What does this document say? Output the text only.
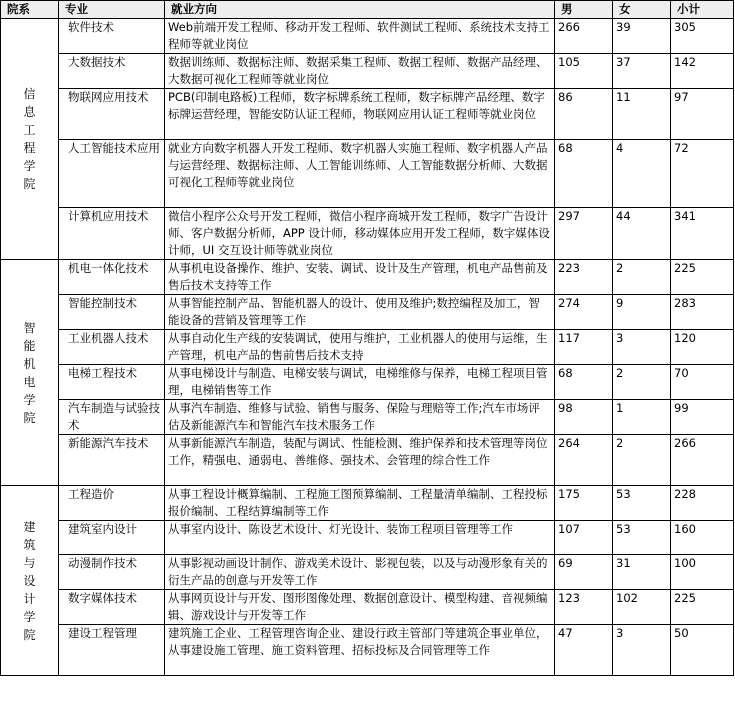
院系	专业	就业方向	男	女	小计

信息工程学院	软件技术	Web前端开发工程师、移动开发工程师、软件测试工程师、系统技术支持工程师等就业岗位	266	39	305
	大数据技术	数据训练师、数据标注师、数据采集工程师、数据工程师、数据产品经理、大数据可视化工程师等就业岗位	105	37	142
	物联网应用技术	PCB(印制电路板)工程师，数字标牌系统工程师，数字标牌产品经理、数字标牌运营经理，智能安防认证工程师，物联网应用认证工程师等就业岗位	86	11	97
	人工智能技术应用	就业方向数字机器人开发工程师、数字机器人实施工程师、数字机器人产品与运营经理、数据标注师、人工智能训练师、人工智能数据分析师、大数据可视化工程师等就业岗位	68	4	72
	计算机应用技术	微信小程序公众号开发工程师，微信小程序商城开发工程师，数字广告设计师、客户数据分析师，APP 设计师，移动媒体应用开发工程师，数字媒体设计师，UI 交互设计师等就业岗位	297	44	341

智能机电学院	机电一体化技术	从事机电设备操作、维护、安装、调试、设计及生产管理，机电产品售前及售后技术支持等工作	223	2	225
	智能控制技术	从事智能控制产品、智能机器人的设计、使用及维护;数控编程及加工，智能设备的营销及管理等工作	274	9	283
	工业机器人技术	从事自动化生产线的安装调试，使用与维护，工业机器人的使用与运维，生产管理，机电产品的售前售后技术支持	117	3	120
	电梯工程技术	从事电梯设计与制造、电梯安装与调试，电梯维修与保养，电梯工程项目管理，电梯销售等工作	68	2	70
	汽车制造与试验技术	从事汽车制造、维修与试验、销售与服务、保险与理赔等工作;汽车市场评估及新能源汽车和智能汽车技术服务工作	98	1	99
	新能源汽车技术	从事新能源汽车制造，装配与调试、性能检测、维护保养和技术管理等岗位工作，精强电、通弱电、善维修、强技术、会管理的综合性工作	264	2	266

建筑与设计学院	工程造价	从事工程设计概算编制、工程施工图预算编制、工程量清单编制、工程投标报价编制、工程结算编制等工作	175	53	228
	建筑室内设计	从事室内设计、陈设艺术设计、灯光设计、装饰工程项目管理等工作	107	53	160
	动漫制作技术	从事影视动画设计制作、游戏美术设计、影视包装，以及与动漫形象有关的衍生产品的创意与开发等工作	69	31	100
	数字媒体技术	从事网页设计与开发、图形图像处理、数据创意设计、模型构建、音视频编辑、游戏设计与开发等工作	123	102	225
	建设工程管理	建筑施工企业、工程管理咨询企业、建设行政主管部门等建筑企事业单位，从事建设施工管理、施工资料管理、招标投标及合同管理等工作	47	3	50
